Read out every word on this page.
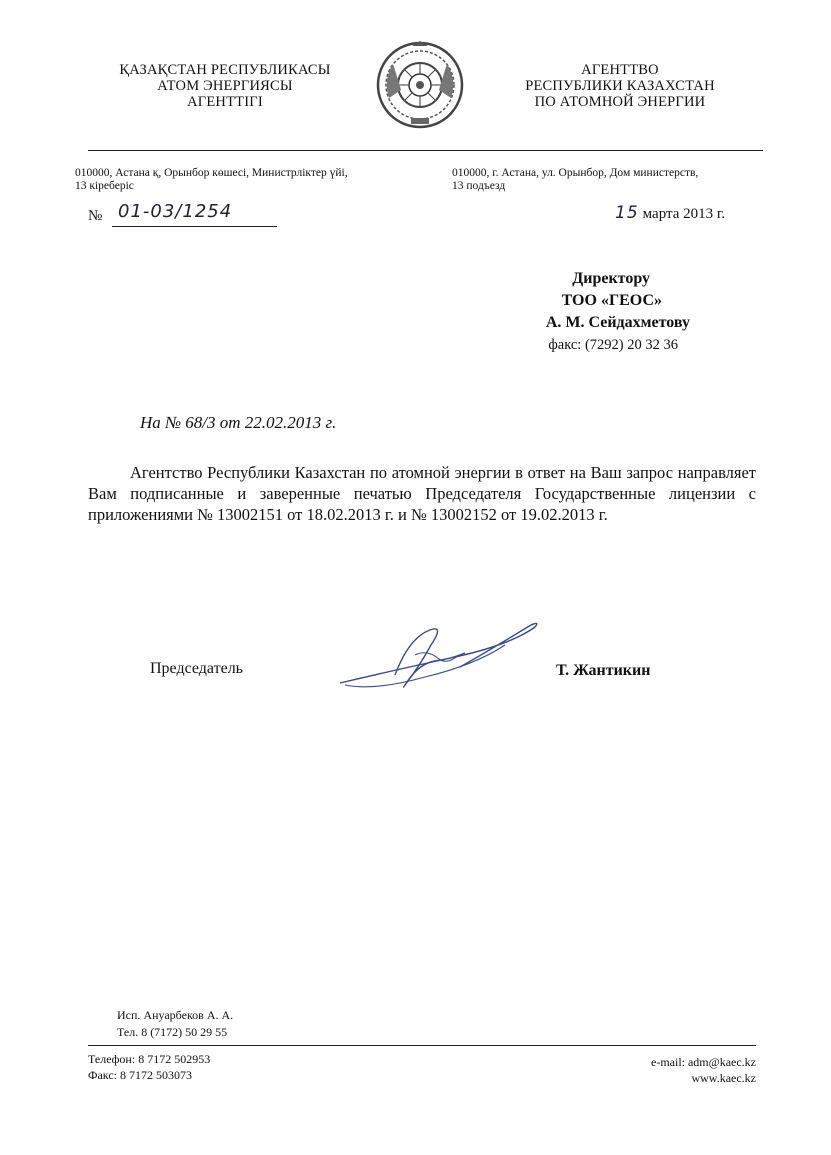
ҚАЗАҚСТАН РЕСПУБЛИКАСЫ
АТОМ ЭНЕРГИЯСЫ
АГЕНТТІГІ
АГЕНТТВО
РЕСПУБЛИКИ КАЗАХСТАН
ПО АТОМНОЙ ЭНЕРГИИ
010000, Астана қ, Орынбор көшесі, Министрліктер үйі,
13 кіреберіс
010000, г. Астана, ул. Орынбор, Дом министерств,
13 подъезд
№ 01-03/1254	15 марта 2013 г.
Директору
ТОО «ГЕОС»
А. М. Сейдахметову
факс: (7292) 20 32 36
На № 68/3 от 22.02.2013 г.
Агентство Республики Казахстан по атомной энергии в ответ на Ваш запрос направляет Вам подписанные и заверенные печатью Председателя Государственные лицензии с приложениями № 13002151 от 18.02.2013 г. и № 13002152 от 19.02.2013 г.
Председатель	Т. Жантикин
Исп. Ануарбеков А. А.
Тел. 8 (7172) 50 29 55
Телефон: 8 7172 502953
Факс: 8 7172 503073
e-mail: adm@kaec.kz
www.kaec.kz
